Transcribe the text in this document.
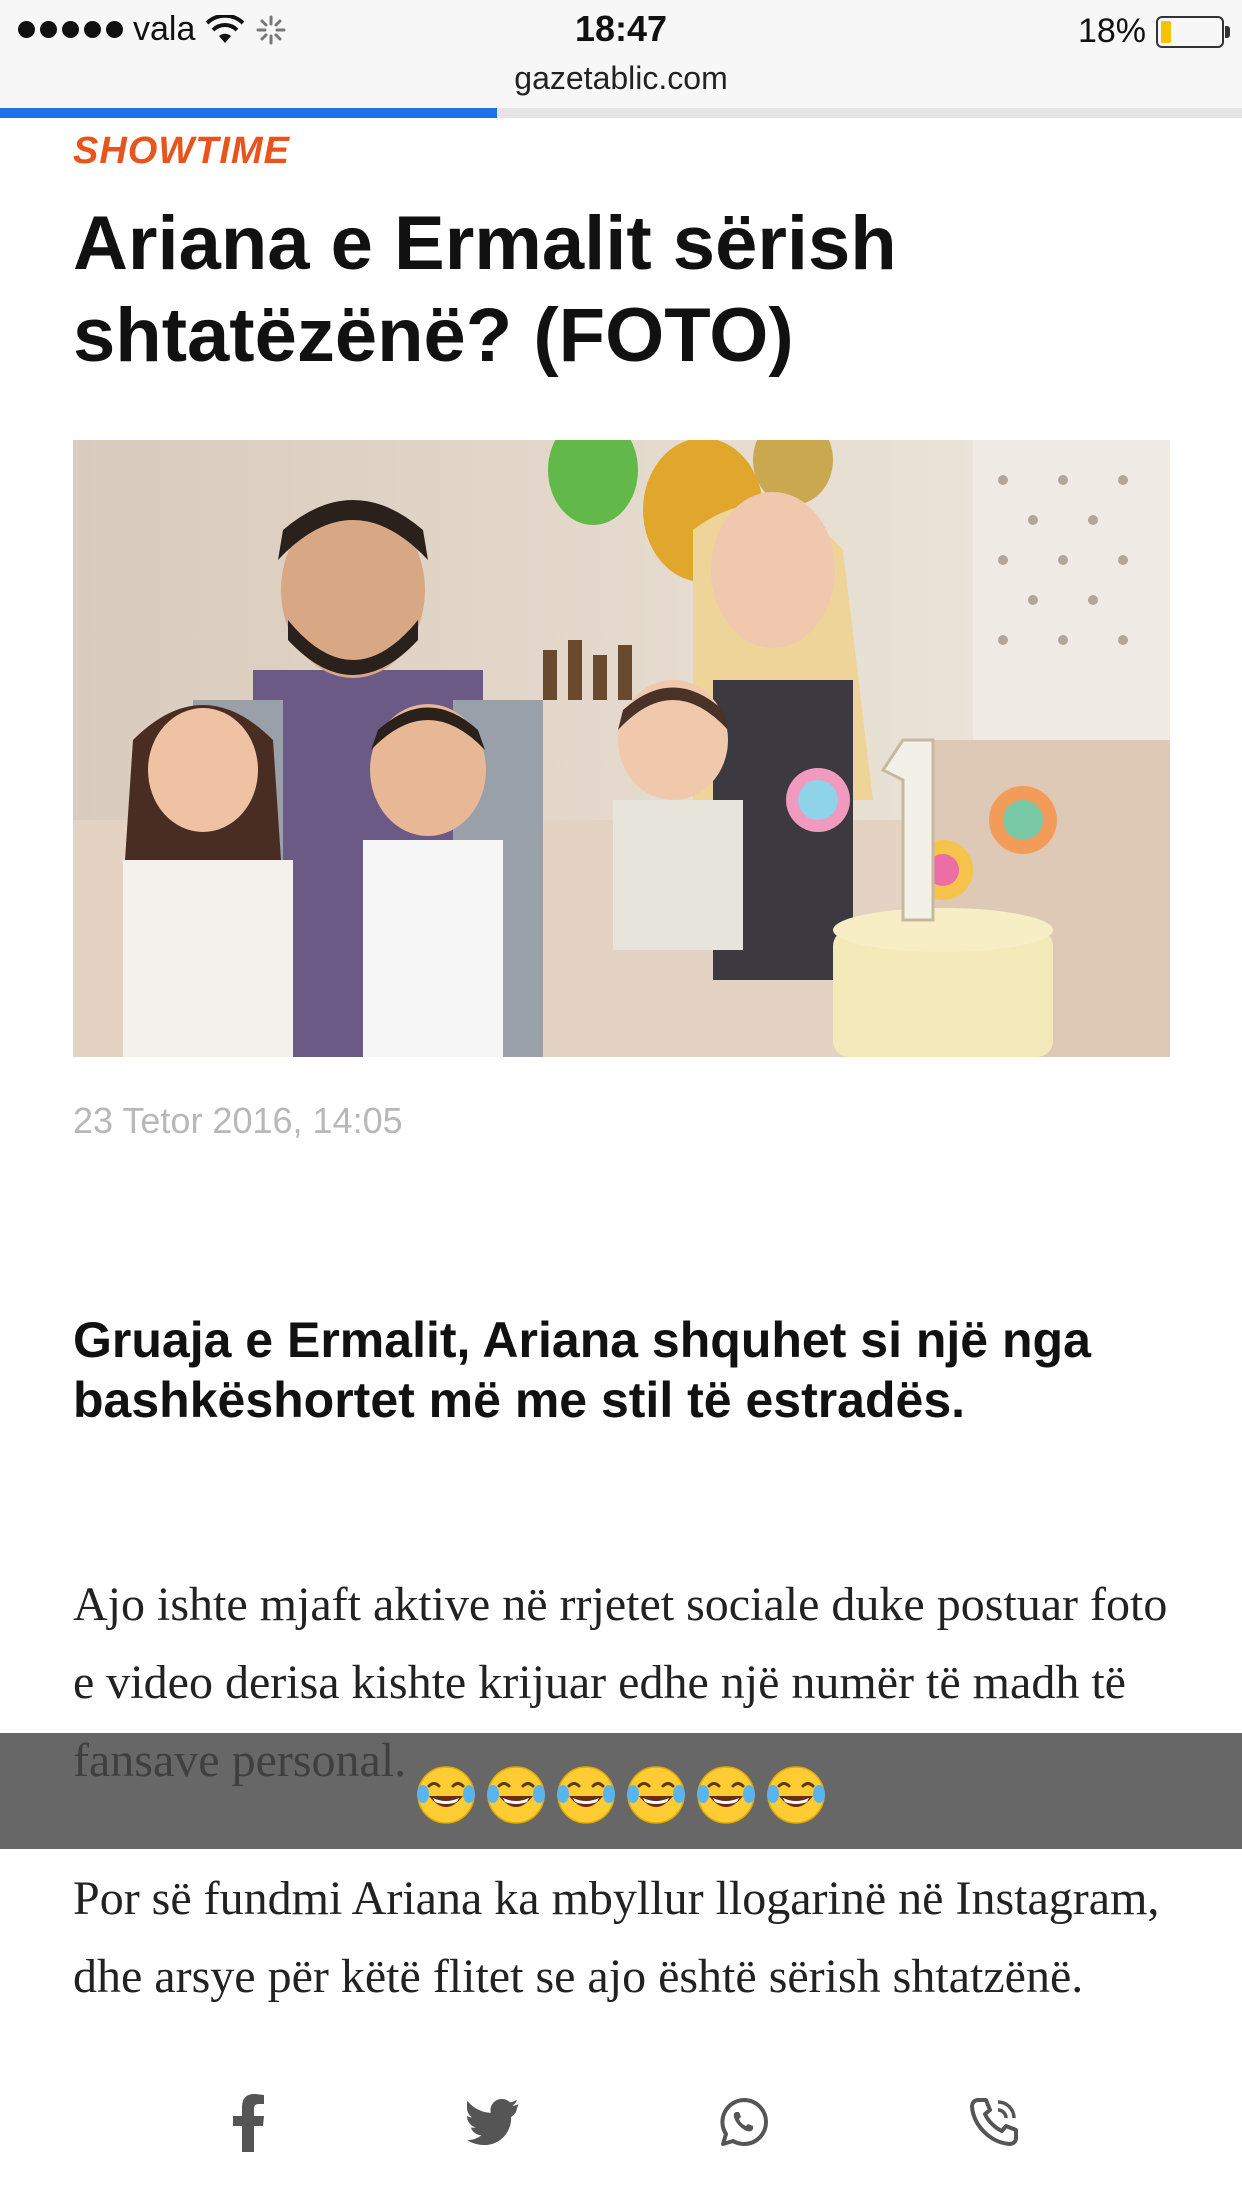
vala	18:47	18%
gazetablic.com
SHOWTIME
Ariana e Ermalit sërish shtatëzënë? (FOTO)
23 Tetor 2016, 14:05

Gruaja e Ermalit, Ariana shquhet si një nga bashkëshortet më me stil të estradës.

Ajo ishte mjaft aktive në rrjetet sociale duke postuar foto e video derisa kishte krijuar edhe një numër të madh të

Por së fundmi Ariana ka mbyllur llogarinë në Instagram, dhe arsye për këtë flitet se ajo është sërish shtatzënë.
